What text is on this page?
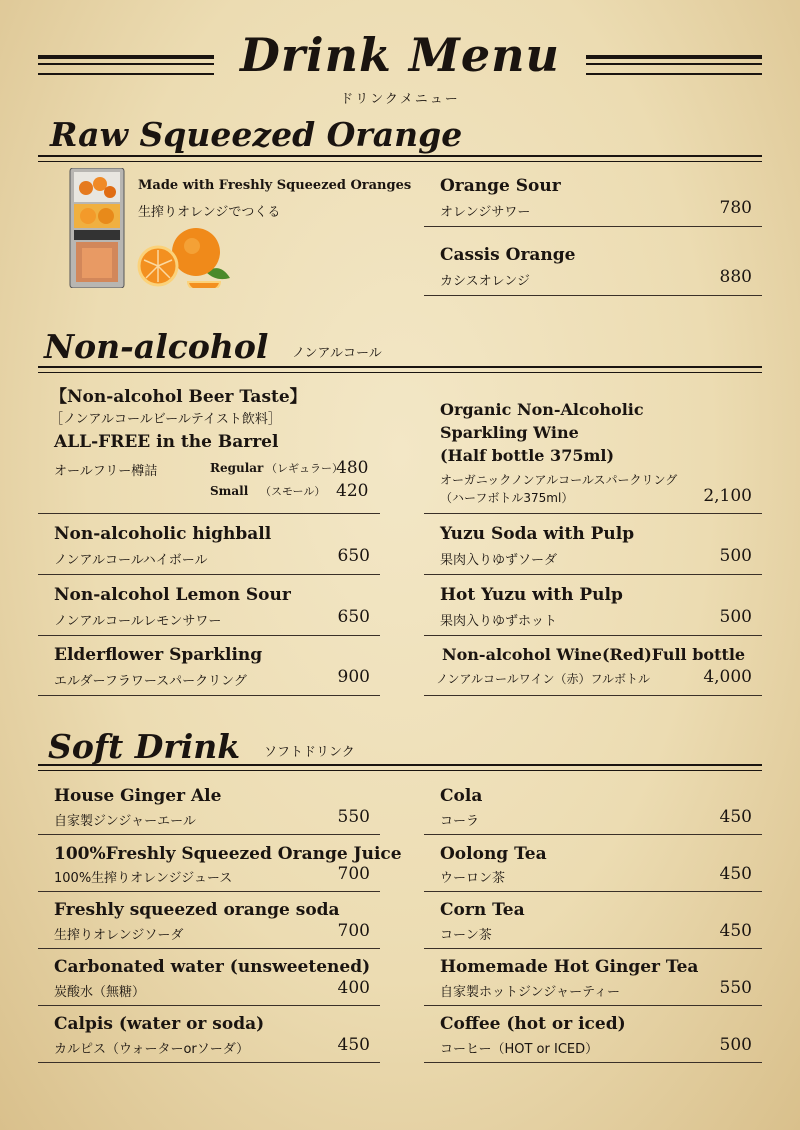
Drink Menu
ドリンクメニュー
Raw Squeezed Orange
Made with Freshly Squeezed Oranges
生搾りオレンジでつくる
Orange Sour
オレンジサワー	780
Cassis Orange
カシスオレンジ	880
Non-alcohol ノンアルコール
【Non-alcohol Beer Taste】
［ノンアルコールビールテイスト飲料］
ALL-FREE in the Barrel
オールフリー樽詰	Regular （レギュラー）
480
Small （スモール） 420
Organic Non-Alcoholic
Sparkling Wine
(Half bottle 375ml)
オーガニックノンアルコールスパークリング
（ハーフボトル375ml）	2,100
Non-alcoholic highball
ノンアルコールハイボール	650
Non-alcohol Lemon Sour
ノンアルコールレモンサワー	650
Elderflower Sparkling
エルダーフラワースパークリング	900
Yuzu Soda with Pulp
果肉入りゆずソーダ	500
Hot Yuzu with Pulp
果肉入りゆずホット	500
Non-alcohol Wine(Red)Full bottle
ノンアルコールワイン（赤）フルボトル	4,000
Soft Drink ソフトドリンク
House Ginger Ale
自家製ジンジャーエール	550
100%Freshly Squeezed Orange Juice
100%生搾りオレンジジュース	700
Freshly squeezed orange soda
生搾りオレンジソーダ	700
Carbonated water (unsweetened)
炭酸水（無糖）	400
Calpis (water or soda)
カルピス（ウォーターorソーダ）	450
Cola
コーラ	450
Oolong Tea
ウーロン茶	450
Corn Tea
コーン茶	450
Homemade Hot Ginger Tea
自家製ホットジンジャーティー	550
Coffee (hot or iced)
コーヒー（HOT or ICED）	500
